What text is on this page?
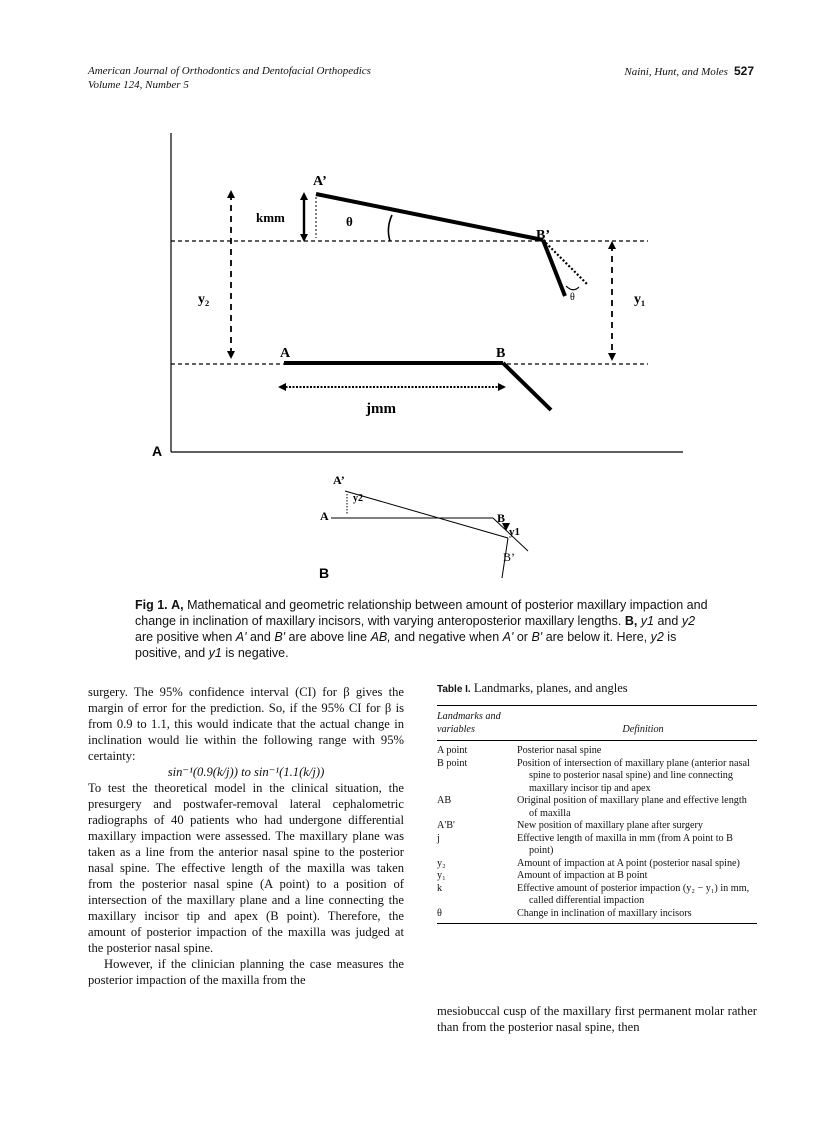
American Journal of Orthodontics and Dentofacial Orthopedics
Volume 124, Number 5
Naini, Hunt, and Moles 527
A’
B’
A	B
kmm	θ
θ	y₁
y₂
jmm
A
A’
A	B
B’
y2
y1
B
Fig 1. A, Mathematical and geometric relationship between amount of posterior maxillary impaction and change in inclination of maxillary incisors, with varying anteroposterior maxillary lengths. B, y1 and y2 are positive when A' and B' are above line AB, and negative when A' or B' are below it. Here, y2 is positive, and y1 is negative.

surgery. The 95% confidence interval (CI) for β gives the margin of error for the prediction. So, if the 95% CI for β is from 0.9 to 1.1, this would indicate that the actual change in inclination would lie within the following range with 95% certainty:

sin⁻¹(0.9(k/j)) to sin⁻¹(1.1(k/j))

To test the theoretical model in the clinical situation, the presurgery and postwafer-removal lateral cephalometric radiographs of 40 patients who had undergone differential maxillary impaction were assessed. The maxillary plane was taken as a line from the anterior nasal spine to the posterior nasal spine. The effective length of the maxilla was taken from the posterior nasal spine (A point) to a position of intersection of the maxillary plane and a line connecting the maxillary incisor tip and apex (B point). Therefore, the amount of posterior impaction of the maxilla was judged at the posterior nasal spine.

However, if the clinician planning the case measures the posterior impaction of the maxilla from the

Table I. Landmarks, planes, and angles
Landmarks and variables	Definition
A point	Posterior nasal spine
B point	Position of intersection of maxillary plane (anterior nasal spine to posterior nasal spine) and line connecting maxillary incisor tip and apex
AB	Original position of maxillary plane and effective length of maxilla
A'B'	New position of maxillary plane after surgery
j	Effective length of maxilla in mm (from A point to B point)
y₂	Amount of impaction at A point (posterior nasal spine)
y₁	Amount of impaction at B point
k	Effective amount of posterior impaction (y₂ − y₁) in mm, called differential impaction
θ	Change in inclination of maxillary incisors

mesiobuccal cusp of the maxillary first permanent molar rather than from the posterior nasal spine, then
